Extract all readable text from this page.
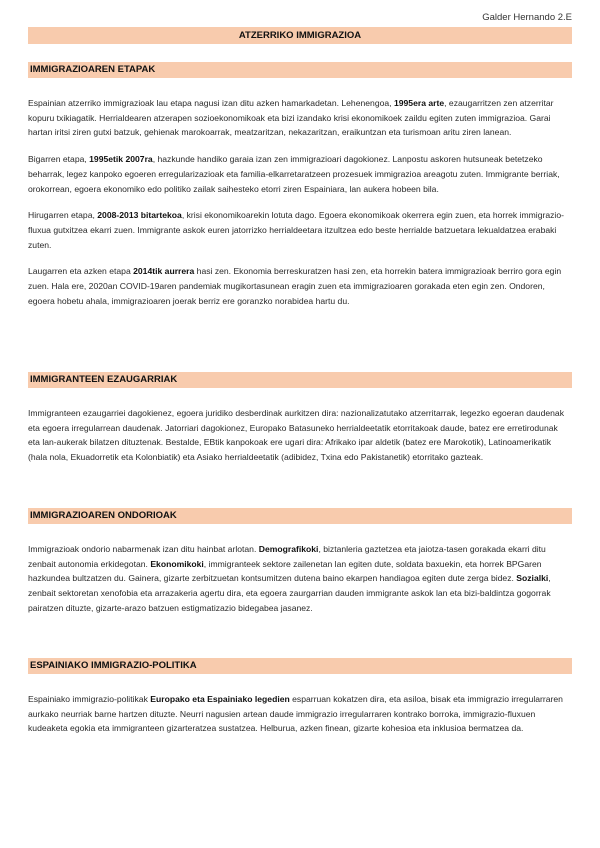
Galder Hernando 2.E
ATZERRIKO IMMIGRAZIOA
IMMIGRAZIOAREN ETAPAK
Espainian atzerriko immigrazioak lau etapa nagusi izan ditu azken hamarkadetan. Lehenengoa, 1995era arte, ezaugarritzen zen atzerritar kopuru txikiagatik. Herrialdearen atzerapen sozioekonomikoak eta bizi izandako krisi ekonomikoek zaildu egiten zuten immigrazioa. Garai hartan iritsi ziren gutxi batzuk, gehienak marokoarrak, meatzaritzan, nekazaritzan, eraikuntzan eta turismoan aritu ziren lanean.
Bigarren etapa, 1995etik 2007ra, hazkunde handiko garaia izan zen immigrazioari dagokionez. Lanpostu askoren hutsuneak betetzeko beharrak, legez kanpoko egoeren erregularizazioak eta familia-elkarretaratzeen prozesuek immigrazioa areagotu zuten. Immigrante berriak, orokorrean, egoera ekonomiko edo politiko zailak saihesteko etorri ziren Espainiara, lan aukera hobeen bila.
Hirugarren etapa, 2008-2013 bitartekoa, krisi ekonomikoarekin lotuta dago. Egoera ekonomikoak okerrera egin zuen, eta horrek immigrazio-fluxua gutxitzea ekarri zuen. Immigrante askok euren jatorrizko herrialdeetara itzultzea edo beste herrialde batzuetara lekualdatzea erabaki zuten.
Laugarren eta azken etapa 2014tik aurrera hasi zen. Ekonomia berreskuratzen hasi zen, eta horrekin batera immigrazioak berriro gora egin zuen. Hala ere, 2020an COVID-19aren pandemiak mugikortasunean eragin zuen eta immigrazioaren gorakada eten egin zen. Ondoren, egoera hobetu ahala, immigrazioaren joerak berriz ere goranzko norabidea hartu du.
IMMIGRANTEEN EZAUGARRIAK
Immigranteen ezaugarriei dagokienez, egoera juridiko desberdinak aurkitzen dira: nazionalizatutako atzerritarrak, legezko egoeran daudenak eta egoera irregularrean daudenak. Jatorriari dagokionez, Europako Batasuneko herrialdeetatik etorritakoak daude, batez ere erretirodunak eta lan-aukerak bilatzen dituztenak. Bestalde, EBtik kanpokoak ere ugari dira: Afrikako ipar aldetik (batez ere Marokotik), Latinoamerikatik (hala nola, Ekuadorretik eta Kolonbiatik) eta Asiako herrialdeetatik (adibidez, Txina edo Pakistanetik) etorritako gazteak.
IMMIGRAZIOAREN ONDORIOAK
Immigrazioak ondorio nabarmenak izan ditu hainbat arlotan. Demografikoki, biztanleria gaztetzea eta jaiotza-tasen gorakada ekarri ditu zenbait autonomia erkidegotan. Ekonomikoki, immigranteek sektore zailenetan lan egiten dute, soldata baxuekin, eta horrek BPGaren hazkundea bultzatzen du. Gainera, gizarte zerbitzuetan kontsumitzen dutena baino ekarpen handiagoa egiten dute zerga bidez. Sozialki, zenbait sektoretan xenofobia eta arrazakeria agertu dira, eta egoera zaurgarrian dauden immigrante askok lan eta bizi-baldintza gogorrak pairatzen dituzte, gizarte-arazo batzuen estigmatizazio bidegabea jasanez.
ESPAINIAKO IMMIGRAZIO-POLITIKA
Espainiako immigrazio-politikak Europako eta Espainiako legedien esparruan kokatzen dira, eta asiloa, bisak eta immigrazio irregularraren aurkako neurriak barne hartzen dituzte. Neurri nagusien artean daude immigrazio irregularraren kontrako borroka, immigrazio-fluxuen kudeaketa egokia eta immigranteen gizarteratzea sustatzea. Helburua, azken finean, gizarte kohesioa eta inklusioa bermatzea da.
